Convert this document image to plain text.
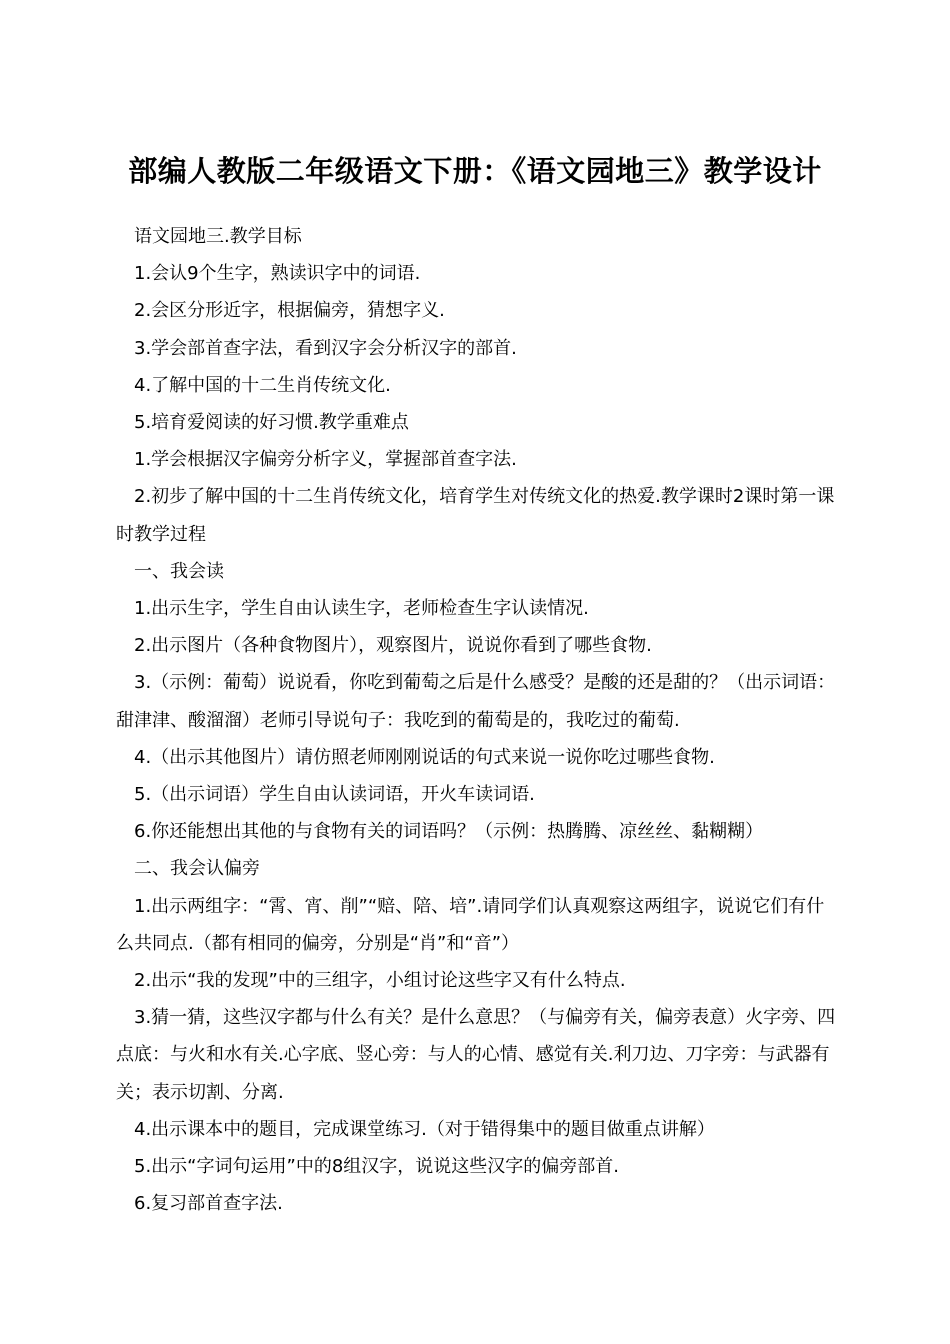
部编人教版二年级语文下册：《语文园地三》教学设计

语文园地三.教学目标

1.会认9个生字，熟读识字中的词语.

2.会区分形近字，根据偏旁，猜想字义.

3.学会部首查字法，看到汉字会分析汉字的部首.

4.了解中国的十二生肖传统文化.

5.培育爱阅读的好习惯.教学重难点

1.学会根据汉字偏旁分析字义，掌握部首查字法.

2.初步了解中国的十二生肖传统文化，培育学生对传统文化的热爱.教学课时2课时第一课时教学过程

一、我会读

1.出示生字，学生自由认读生字，老师检查生字认读情况.

2.出示图片（各种食物图片），观察图片，说说你看到了哪些食物.

3.（示例：葡萄）说说看，你吃到葡萄之后是什么感受？是酸的还是甜的？（出示词语：甜津津、酸溜溜）老师引导说句子：我吃到的葡萄是的，我吃过的葡萄.

4.（出示其他图片）请仿照老师刚刚说话的句式来说一说你吃过哪些食物.

5.（出示词语）学生自由认读词语，开火车读词语.

6.你还能想出其他的与食物有关的词语吗？（示例：热腾腾、凉丝丝、黏糊糊）

二、我会认偏旁

1.出示两组字：“霄、宵、削”“赔、陪、培”.请同学们认真观察这两组字，说说它们有什么共同点.（都有相同的偏旁，分别是“肖”和“音”）

2.出示“我的发现”中的三组字，小组讨论这些字又有什么特点.

3.猜一猜，这些汉字都与什么有关？是什么意思？（与偏旁有关，偏旁表意）火字旁、四点底：与火和水有关.心字底、竖心旁：与人的心情、感觉有关.利刀边、刀字旁：与武器有关；表示切割、分离.

4.出示课本中的题目，完成课堂练习.（对于错得集中的题目做重点讲解）

5.出示“字词句运用”中的8组汉字，说说这些汉字的偏旁部首.

6.复习部首查字法.
